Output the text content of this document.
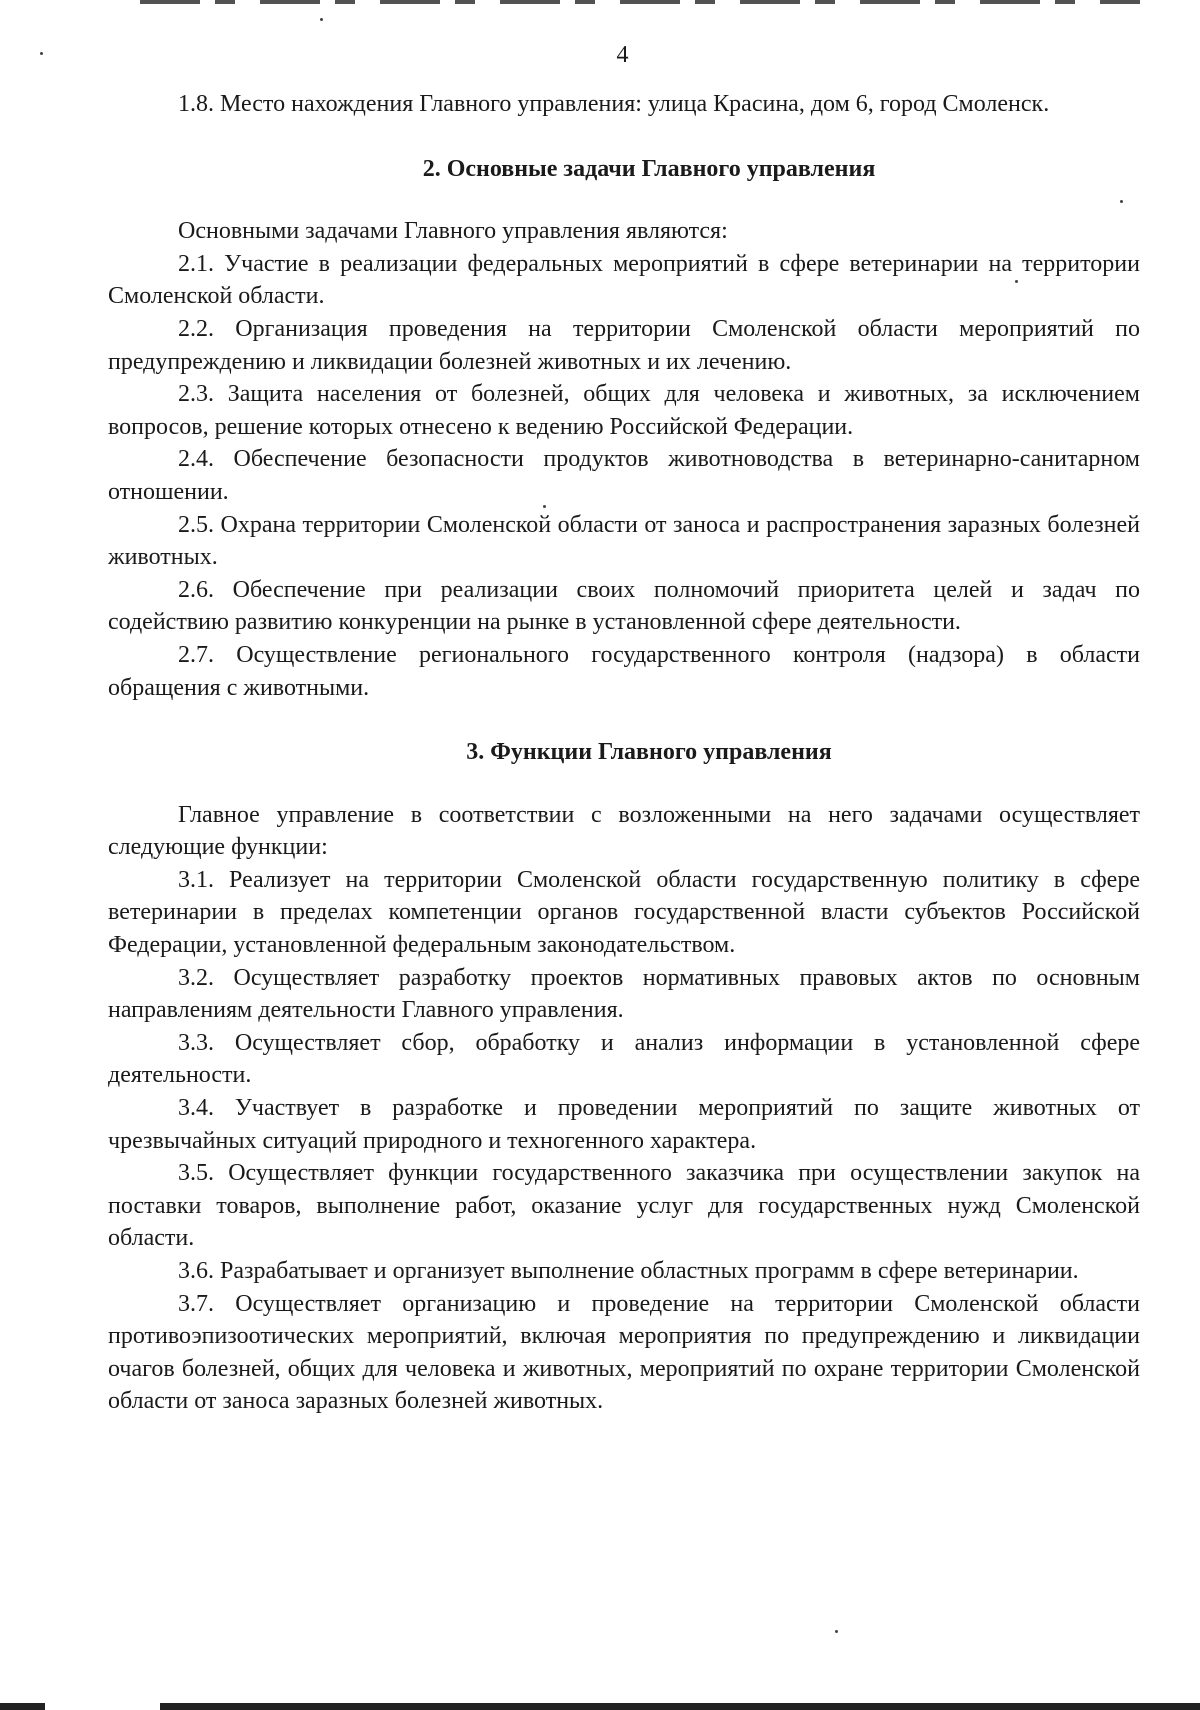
4

1.8. Место нахождения Главного управления: улица Красина, дом 6, город Смоленск.

2. Основные задачи Главного управления

Основными задачами Главного управления являются:

2.1. Участие в реализации федеральных мероприятий в сфере ветеринарии на территории Смоленской области.

2.2. Организация проведения на территории Смоленской области мероприятий по предупреждению и ликвидации болезней животных и их лечению.

2.3. Защита населения от болезней, общих для человека и животных, за исключением вопросов, решение которых отнесено к ведению Российской Федерации.

2.4. Обеспечение безопасности продуктов животноводства в ветеринарно-санитарном отношении.

2.5. Охрана территории Смоленской области от заноса и распространения заразных болезней животных.

2.6. Обеспечение при реализации своих полномочий приоритета целей и задач по содействию развитию конкуренции на рынке в установленной сфере деятельности.

2.7. Осуществление регионального государственного контроля (надзора) в области обращения с животными.

3. Функции Главного управления

Главное управление в соответствии с возложенными на него задачами осуществляет следующие функции:

3.1. Реализует на территории Смоленской области государственную политику в сфере ветеринарии в пределах компетенции органов государственной власти субъектов Российской Федерации, установленной федеральным законодательством.

3.2. Осуществляет разработку проектов нормативных правовых актов по основным направлениям деятельности Главного управления.

3.3. Осуществляет сбор, обработку и анализ информации в установленной сфере деятельности.

3.4. Участвует в разработке и проведении мероприятий по защите животных от чрезвычайных ситуаций природного и техногенного характера.

3.5. Осуществляет функции государственного заказчика при осуществлении закупок на поставки товаров, выполнение работ, оказание услуг для государственных нужд Смоленской области.

3.6. Разрабатывает и организует выполнение областных программ в сфере ветеринарии.

3.7. Осуществляет организацию и проведение на территории Смоленской области противоэпизоотических мероприятий, включая мероприятия по предупреждению и ликвидации очагов болезней, общих для человека и животных, мероприятий по охране территории Смоленской области от заноса заразных болезней животных.
